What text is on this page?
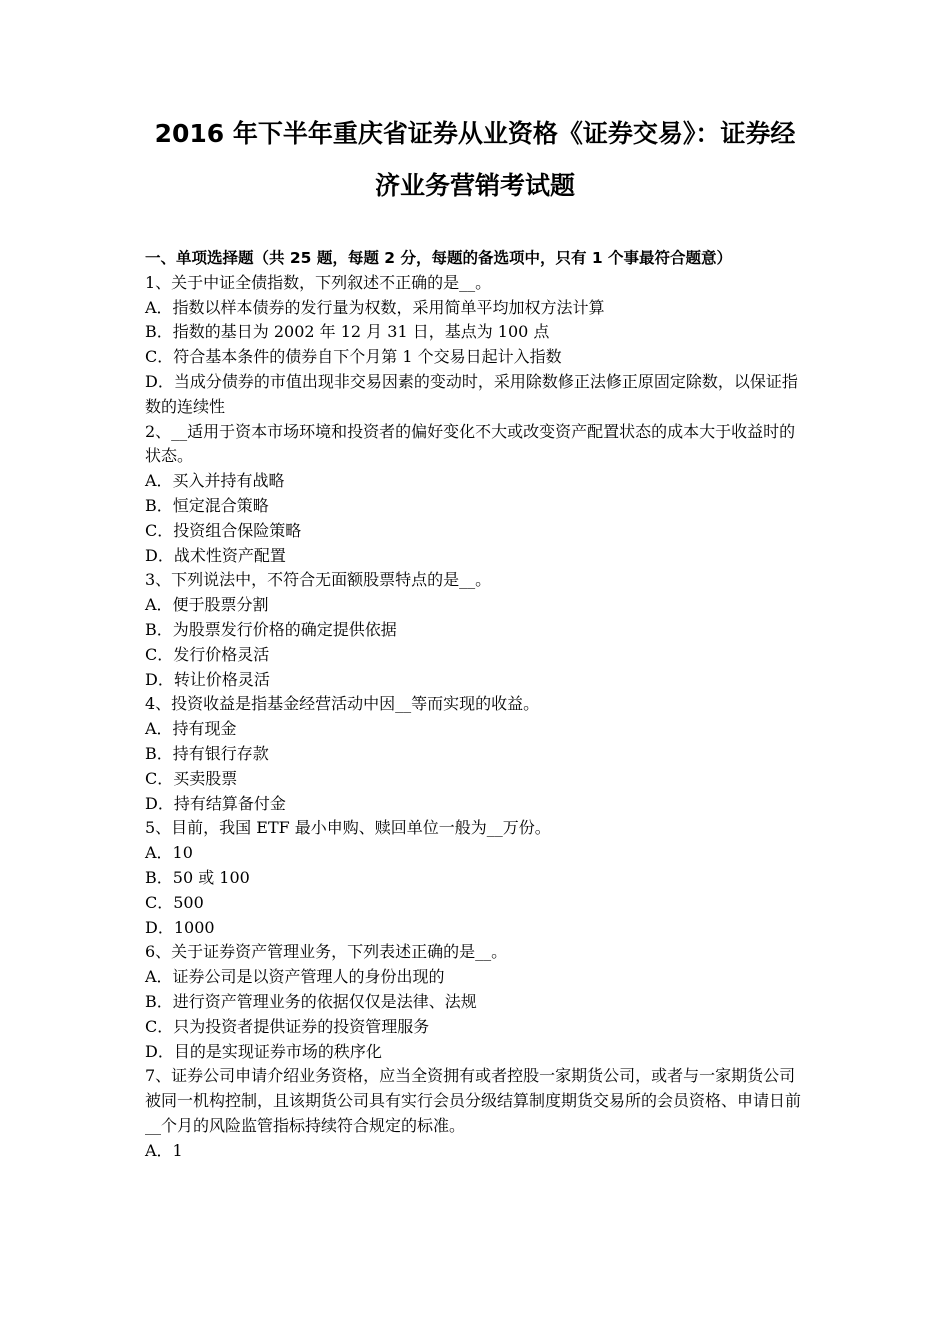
2016 年下半年重庆省证券从业资格《证券交易》：证券经
济业务营销考试题
一、单项选择题（共 25 题，每题 2 分，每题的备选项中，只有 1 个事最符合题意）
1、关于中证全债指数，下列叙述不正确的是__。
A．指数以样本债券的发行量为权数，采用简单平均加权方法计算
B．指数的基日为 2002 年 12 月 31 日，基点为 100 点
C．符合基本条件的债券自下个月第 1 个交易日起计入指数
D．当成分债券的市值出现非交易因素的变动时，采用除数修正法修正原固定除数，以保证指数的连续性
2、__适用于资本市场环境和投资者的偏好变化不大或改变资产配置状态的成本大于收益时的状态。
A．买入并持有战略
B．恒定混合策略
C．投资组合保险策略
D．战术性资产配置
3、下列说法中，不符合无面额股票特点的是__。
A．便于股票分割
B．为股票发行价格的确定提供依据
C．发行价格灵活
D．转让价格灵活
4、投资收益是指基金经营活动中因__等而实现的收益。
A．持有现金
B．持有银行存款
C．买卖股票
D．持有结算备付金
5、目前，我国 ETF 最小申购、赎回单位一般为__万份。
A．10
B．50 或 100
C．500
D．1000
6、关于证券资产管理业务，下列表述正确的是__。
A．证券公司是以资产管理人的身份出现的
B．进行资产管理业务的依据仅仅是法律、法规
C．只为投资者提供证券的投资管理服务
D．目的是实现证券市场的秩序化
7、证券公司申请介绍业务资格，应当全资拥有或者控股一家期货公司，或者与一家期货公司被同一机构控制，且该期货公司具有实行会员分级结算制度期货交易所的会员资格、申请日前__个月的风险监管指标持续符合规定的标准。
A．1
